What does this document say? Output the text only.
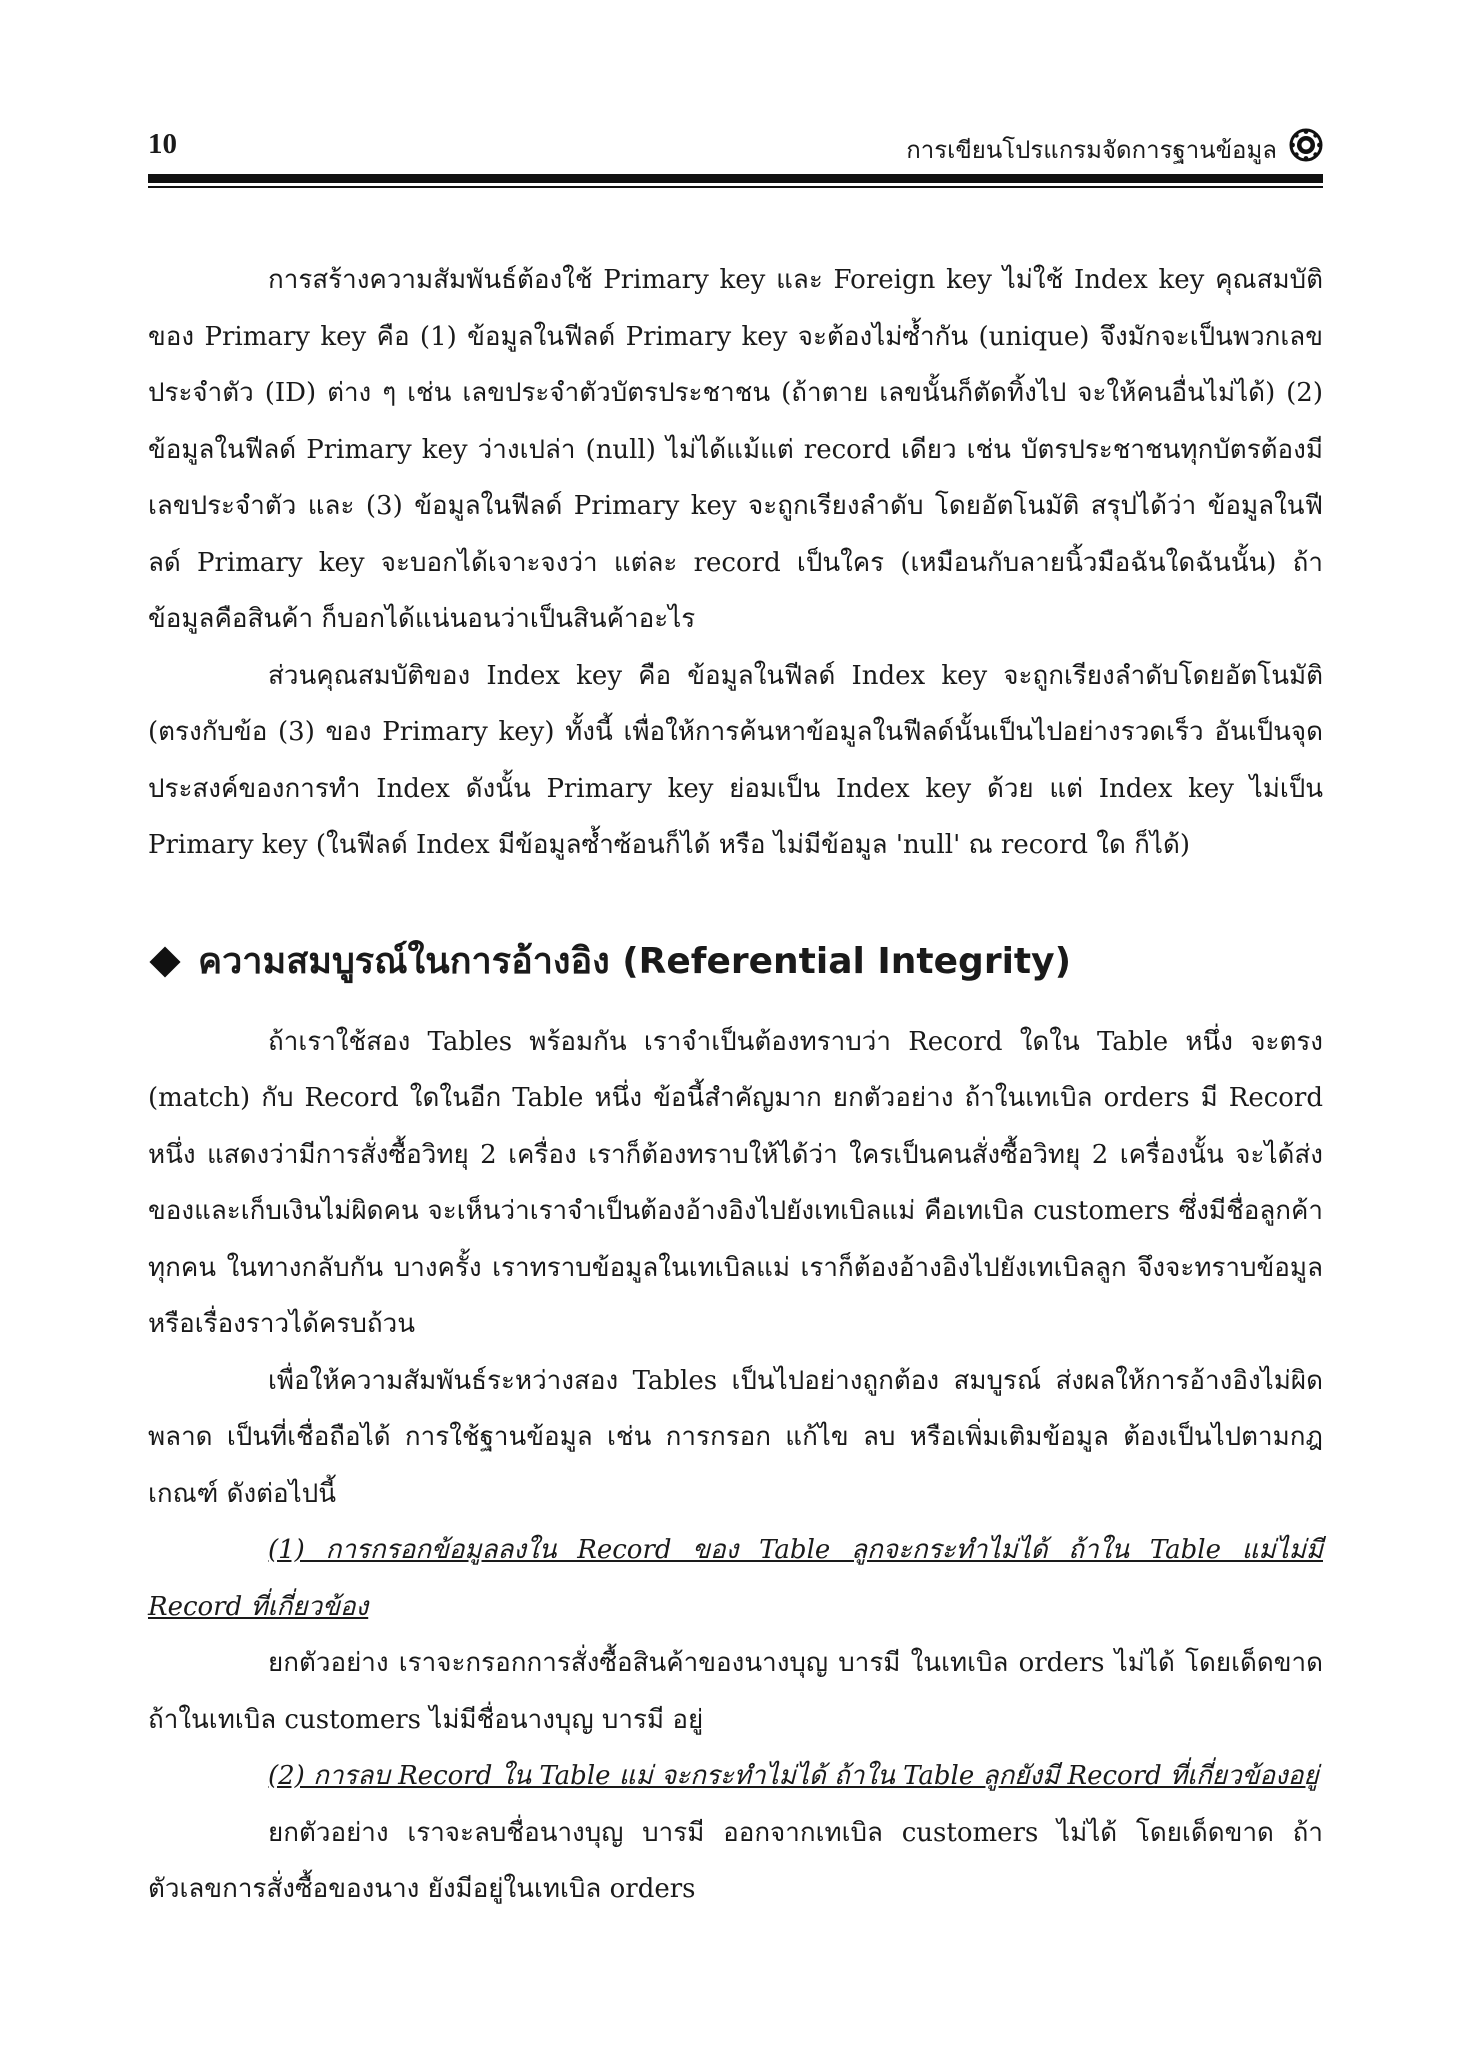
10	การเขียนโปรแกรมจัดการฐานข้อมูล

การสร้างความสัมพันธ์ต้องใช้ Primary key และ Foreign key ไม่ใช้ Index key คุณสมบัติของ Primary key คือ (1) ข้อมูลในฟีลด์ Primary key จะต้องไม่ซ้ำกัน (unique) จึงมักจะเป็นพวกเลขประจำตัว (ID) ต่าง ๆ เช่น เลขประจำตัวบัตรประชาชน (ถ้าตาย เลขนั้นก็ตัดทิ้งไป จะให้คนอื่นไม่ได้) (2) ข้อมูลในฟีลด์ Primary key ว่างเปล่า (null) ไม่ได้แม้แต่ record เดียว เช่น บัตรประชาชนทุกบัตรต้องมีเลขประจำตัว และ (3) ข้อมูลในฟีลด์ Primary key จะถูกเรียงลำดับ โดยอัตโนมัติ สรุปได้ว่า ข้อมูลในฟีลด์ Primary key จะบอกได้เจาะจงว่า แต่ละ record เป็นใคร (เหมือนกับลายนิ้วมือฉันใดฉันนั้น) ถ้าข้อมูลคือสินค้า ก็บอกได้แน่นอนว่าเป็นสินค้าอะไร

ส่วนคุณสมบัติของ Index key คือ ข้อมูลในฟีลด์ Index key จะถูกเรียงลำดับโดยอัตโนมัติ (ตรงกับข้อ (3) ของ Primary key) ทั้งนี้ เพื่อให้การค้นหาข้อมูลในฟีลด์นั้นเป็นไปอย่างรวดเร็ว อันเป็นจุดประสงค์ของการทำ Index ดังนั้น Primary key ย่อมเป็น Index key ด้วย แต่ Index key ไม่เป็น Primary key (ในฟีลด์ Index มีข้อมูลซ้ำซ้อนก็ได้ หรือ ไม่มีข้อมูล 'null' ณ record ใด ก็ได้)

ความสมบูรณ์ในการอ้างอิง (Referential Integrity)

ถ้าเราใช้สอง Tables พร้อมกัน เราจำเป็นต้องทราบว่า Record ใดใน Table หนึ่ง จะตรง (match) กับ Record ใดในอีก Table หนึ่ง ข้อนี้สำคัญมาก ยกตัวอย่าง ถ้าในเทเบิล orders มี Record หนึ่ง แสดงว่ามีการสั่งซื้อวิทยุ 2 เครื่อง เราก็ต้องทราบให้ได้ว่า ใครเป็นคนสั่งซื้อวิทยุ 2 เครื่องนั้น จะได้ส่งของและเก็บเงินไม่ผิดคน จะเห็นว่าเราจำเป็นต้องอ้างอิงไปยังเทเบิลแม่ คือเทเบิล customers ซึ่งมีชื่อลูกค้าทุกคน ในทางกลับกัน บางครั้ง เราทราบข้อมูลในเทเบิลแม่ เราก็ต้องอ้างอิงไปยังเทเบิลลูก จึงจะทราบข้อมูล หรือเรื่องราวได้ครบถ้วน

เพื่อให้ความสัมพันธ์ระหว่างสอง Tables เป็นไปอย่างถูกต้อง สมบูรณ์ ส่งผลให้การอ้างอิงไม่ผิดพลาด เป็นที่เชื่อถือได้ การใช้ฐานข้อมูล เช่น การกรอก แก้ไข ลบ หรือเพิ่มเติมข้อมูล ต้องเป็นไปตามกฎเกณฑ์ ดังต่อไปนี้

(1) การกรอกข้อมูลลงใน Record ของ Table ลูกจะกระทำไม่ได้ ถ้าใน Table แม่ไม่มี Record ที่เกี่ยวข้อง

ยกตัวอย่าง เราจะกรอกการสั่งซื้อสินค้าของนางบุญ บารมี ในเทเบิล orders ไม่ได้ โดยเด็ดขาด ถ้าในเทเบิล customers ไม่มีชื่อนางบุญ บารมี อยู่

(2) การลบ Record ใน Table แม่ จะกระทำไม่ได้ ถ้าใน Table ลูกยังมี Record ที่เกี่ยวข้องอยู่

ยกตัวอย่าง เราจะลบชื่อนางบุญ บารมี ออกจากเทเบิล customers ไม่ได้ โดยเด็ดขาด ถ้าตัวเลขการสั่งซื้อของนาง ยังมีอยู่ในเทเบิล orders
